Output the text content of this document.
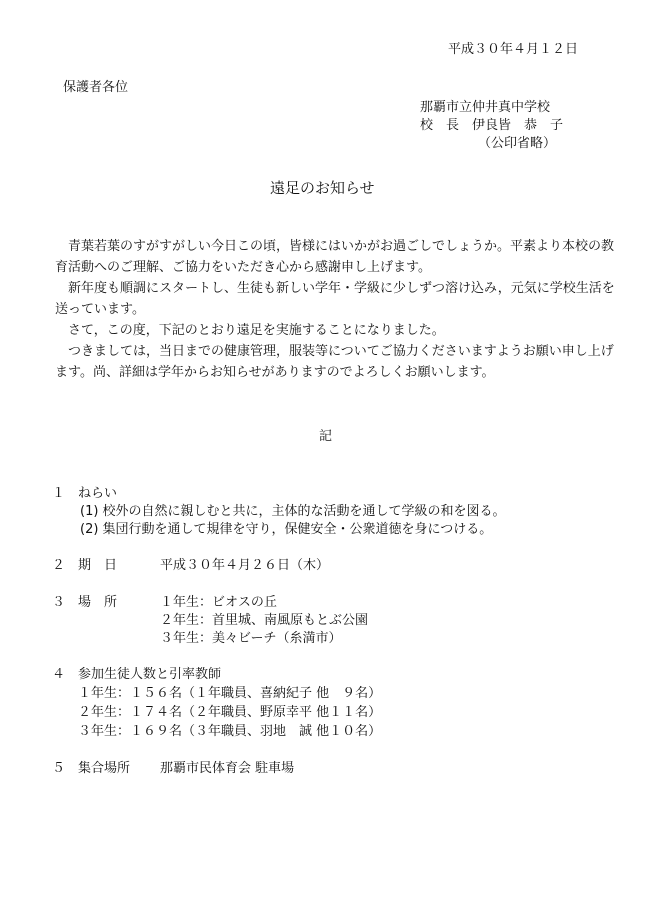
平成３０年４月１２日
保護者各位
那覇市立仲井真中学校
校　長　伊良皆　恭　子
（公印省略）
遠足のお知らせ

青葉若葉のすがすがしい今日この頃，皆様にはいかがお過ごしでしょうか。平素より本校の教育活動へのご理解、ご協力をいただき心から感謝申し上げます。

新年度も順調にスタートし、生徒も新しい学年・学級に少しずつ溶け込み，元気に学校生活を送っています。

さて，この度，下記のとおり遠足を実施することになりました。

つきましては，当日までの健康管理，服装等についてご協力くださいますようお願い申し上げます。尚、詳細は学年からお知らせがありますのでよろしくお願いします。

記
１ ねらい
(1) 校外の自然に親しむと共に，主体的な活動を通して学級の和を図る。
(2) 集団行動を通して規律を守り，保健安全・公衆道徳を身につける。
２ 期　日	平成３０年４月２６日（木）
３ 場　所	１年生：ビオスの丘
２年生：首里城、南風原もとぶ公園
３年生：美々ビーチ（糸満市）
４ 参加生徒人数と引率教師
１年生：１５６名（１年職員、喜納紀子 他　９名）
２年生：１７４名（２年職員、野原幸平 他１１名）
３年生：１６９名（３年職員、羽地　誠 他１０名）
５ 集合場所 那覇市民体育会 駐車場
